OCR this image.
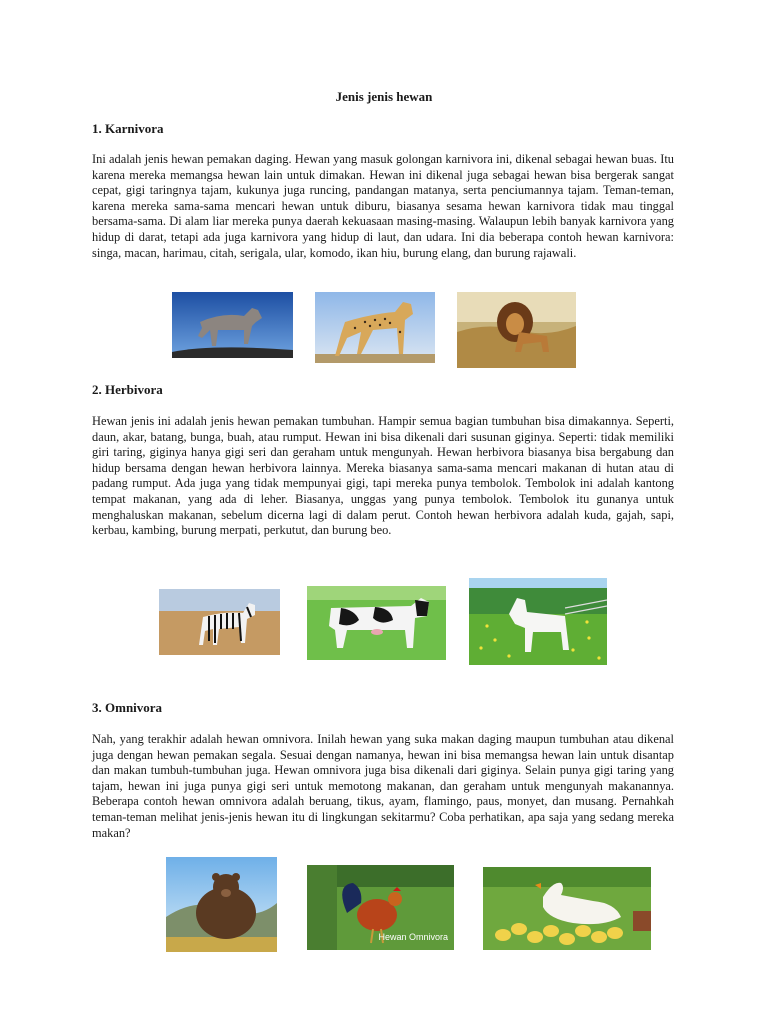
Jenis jenis hewan
1. Karnivora
Ini adalah jenis hewan pemakan daging. Hewan yang masuk golongan karnivora ini, dikenal sebagai hewan buas. Itu karena mereka memangsa hewan lain untuk dimakan. Hewan ini dikenal juga sebagai hewan bisa bergerak sangat cepat, gigi taringnya tajam, kukunya juga runcing, pandangan matanya, serta penciumannya tajam. Teman-teman, karena mereka sama-sama mencari hewan untuk diburu, biasanya sesama hewan karnivora tidak mau tinggal bersama-sama. Di alam liar mereka punya daerah kekuasaan masing-masing. Walaupun lebih banyak karnivora yang hidup di darat, tetapi ada juga karnivora yang hidup di laut, dan udara. Ini dia beberapa contoh hewan karnivora: singa, macan, harimau, citah, serigala, ular, komodo, ikan hiu, burung elang, dan burung rajawali.
2. Herbivora
Hewan jenis ini adalah jenis hewan pemakan tumbuhan. Hampir semua bagian tumbuhan bisa dimakannya. Seperti, daun, akar, batang, bunga, buah, atau rumput. Hewan ini bisa dikenali dari susunan giginya. Seperti: tidak memiliki giri taring, giginya hanya gigi seri dan geraham untuk mengunyah. Hewan herbivora biasanya bisa bergabung dan hidup bersama dengan hewan herbivora lainnya. Mereka biasanya sama-sama mencari makanan di hutan atau di padang rumput. Ada juga yang tidak mempunyai gigi, tapi mereka punya tembolok. Tembolok ini adalah kantong tempat makanan, yang ada di leher. Biasanya, unggas yang punya tembolok. Tembolok itu gunanya untuk menghaluskan makanan, sebelum dicerna lagi di dalam perut. Contoh hewan herbivora adalah kuda, gajah, sapi, kerbau, kambing, burung merpati, perkutut, dan burung beo.
3. Omnivora
Nah, yang terakhir adalah hewan omnivora. Inilah hewan yang suka makan daging maupun tumbuhan atau dikenal juga dengan hewan pemakan segala. Sesuai dengan namanya, hewan ini bisa memangsa hewan lain untuk disantap dan makan tumbuh-tumbuhan juga. Hewan omnivora juga bisa dikenali dari giginya. Selain punya gigi taring yang tajam, hewan ini juga punya gigi seri untuk memotong makanan, dan geraham untuk mengunyah makanannya. Beberapa contoh hewan omnivora adalah beruang, tikus, ayam, flamingo, paus, monyet, dan musang. Pernahkah teman-teman melihat jenis-jenis hewan itu di lingkungan sekitarmu? Coba perhatikan, apa saja yang sedang mereka makan?
Hewan Omnivora
